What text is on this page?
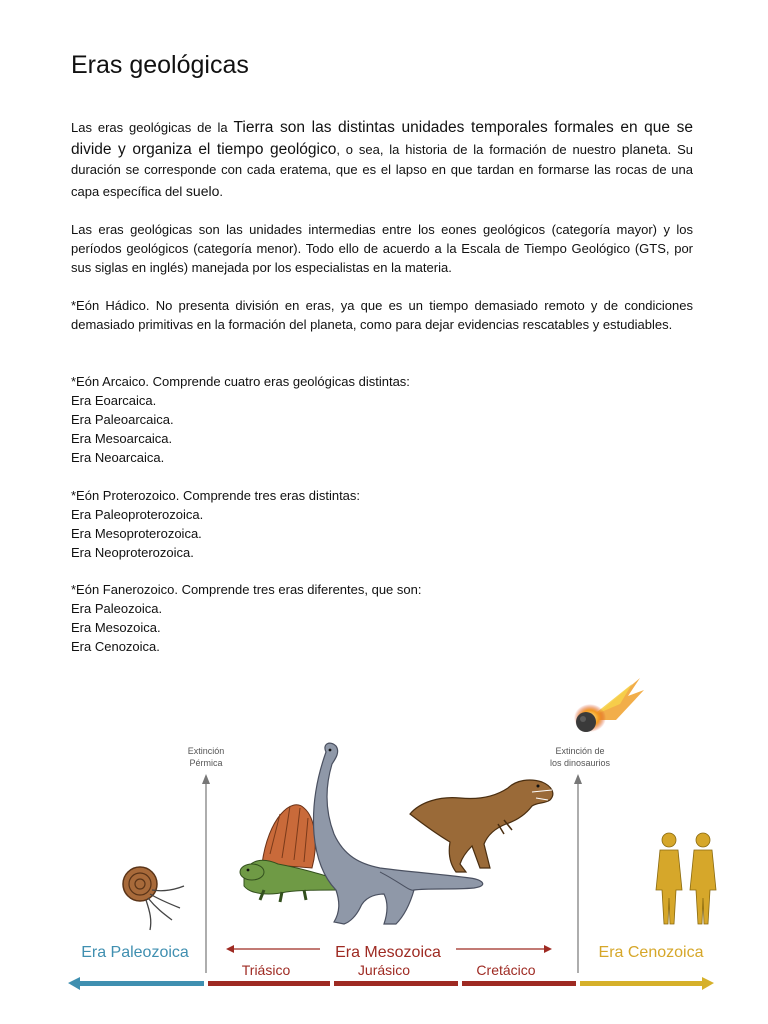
Eras geológicas

Las eras geológicas de la Tierra son las distintas unidades temporales formales en que se divide y organiza el tiempo geológico, o sea, la historia de la formación de nuestro planeta. Su duración se corresponde con cada eratema, que es el lapso en que tardan en formarse las rocas de una capa específica del suelo.

Las eras geológicas son las unidades intermedias entre los eones geológicos (categoría mayor) y los períodos geológicos (categoría menor). Todo ello de acuerdo a la Escala de Tiempo Geológico (GTS, por sus siglas en inglés) manejada por los especialistas en la materia.

*Eón Hádico. No presenta división en eras, ya que es un tiempo demasiado remoto y de condiciones demasiado primitivas en la formación del planeta, como para dejar evidencias rescatables y estudiables.

*Eón Arcaico. Comprende cuatro eras geológicas distintas:
Era Eoarcaica.
Era Paleoarcaica.
Era Mesoarcaica.
Era Neoarcaica.

*Eón Proterozoico. Comprende tres eras distintas:
Era Paleoproterozoica.
Era Mesoproterozoica.
Era Neoproterozoica.

*Eón Fanerozoico. Comprende tres eras diferentes, que son:
Era Paleozoica.
Era Mesozoica.
Era Cenozoica.

Extinción
Pérmica
Extinción de
los dinosaurios
Era Paleozoica	Era Mesozoica	Era Cenozoica
Triásico	Jurásico	Cretácico
